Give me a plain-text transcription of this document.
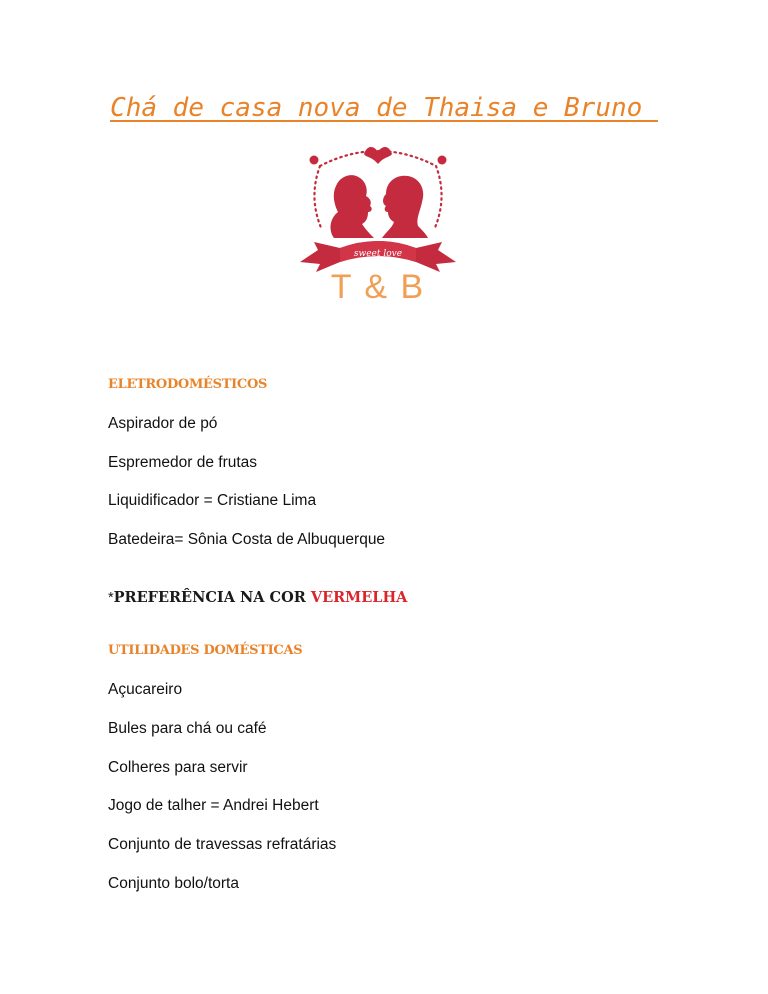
Chá de casa nova de Thaisa e Bruno
sweet love
T & B
ELETRODOMÉSTICOS
Aspirador de pó
Espremedor de frutas
Liquidificador = Cristiane Lima
Batedeira= Sônia Costa de Albuquerque
*PREFERÊNCIA NA COR VERMELHA
UTILIDADES DOMÉSTICAS
Açucareiro
Bules para chá ou café
Colheres para servir
Jogo de talher = Andrei Hebert
Conjunto de travessas refratárias
Conjunto bolo/torta
